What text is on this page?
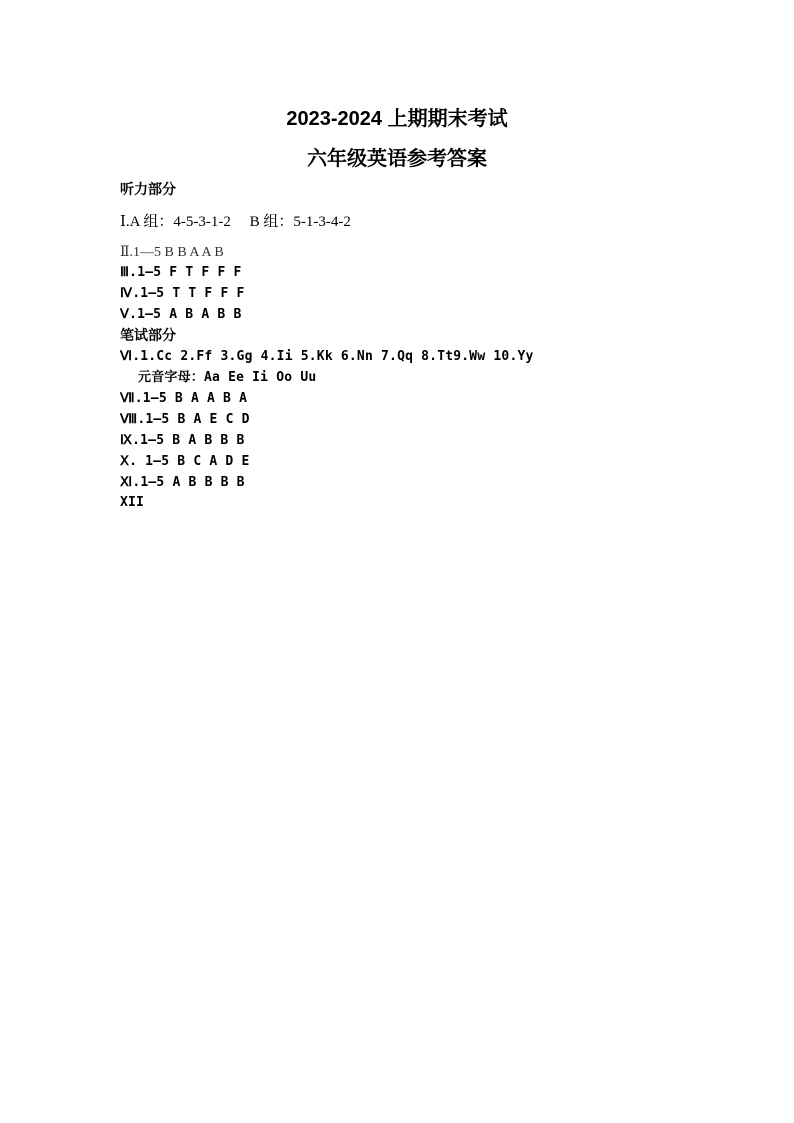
2023-2024 上期期末考试
六年级英语参考答案
听力部分
Ⅰ.A 组：4-5-3-1-2　 B 组：5-1-3-4-2
Ⅱ.1—5 B B A A B
Ⅲ.1—5 F T F F F
Ⅳ.1—5 T T F F F
Ⅴ.1—5 A B A B B
笔试部分
Ⅵ.1.Cc 2.Ff 3.Gg 4.Ii 5.Kk 6.Nn 7.Qq 8.Tt9.Ww 10.Yy
元音字母：Aa Ee Ii Oo Uu
Ⅶ.1—5 B A A B A
Ⅷ.1—5 B A E C D
Ⅸ.1—5 B A B B B
Ⅹ. 1—5 B C A D E
Ⅺ.1—5 A B B B B
XII
